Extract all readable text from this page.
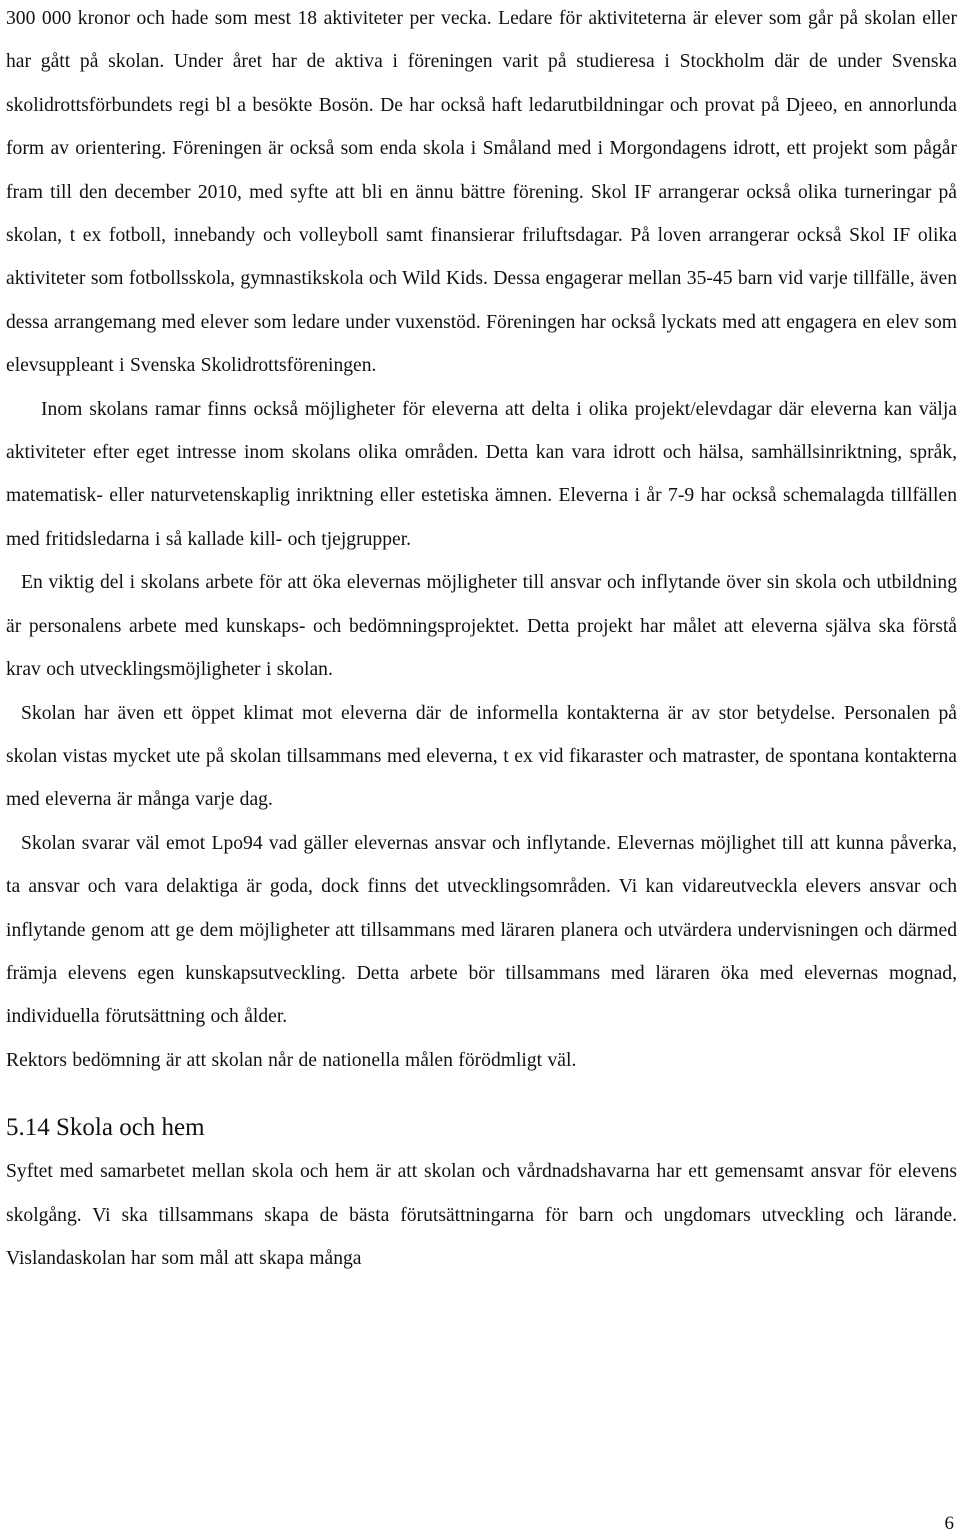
300 000 kronor och hade som mest 18 aktiviteter per vecka. Ledare för aktiviteterna är elever som går på skolan eller har gått på skolan. Under året har de aktiva i föreningen varit på studieresa i Stockholm där de under Svenska skolidrottsförbundets regi bl a besökte Bosön. De har också haft ledarutbildningar och provat på Djeeo, en annorlunda form av orientering. Föreningen är också som enda skola i Småland med i Morgondagens idrott, ett projekt som pågår fram till den december 2010, med syfte att bli en ännu bättre förening. Skol IF arrangerar också olika turneringar på skolan, t ex fotboll, innebandy och volleyboll samt finansierar friluftsdagar. På loven arrangerar också Skol IF olika aktiviteter som fotbollsskola, gymnastikskola och Wild Kids. Dessa engagerar mellan 35-45 barn vid varje tillfälle, även dessa arrangemang med elever som ledare under vuxenstöd. Föreningen har också lyckats med att engagera en elev som elevsuppleant i Svenska Skolidrottsföreningen.

Inom skolans ramar finns också möjligheter för eleverna att delta i olika projekt/elevdagar där eleverna kan välja aktiviteter efter eget intresse inom skolans olika områden. Detta kan vara idrott och hälsa, samhällsinriktning, språk, matematisk- eller naturvetenskaplig inriktning eller estetiska ämnen. Eleverna i år 7-9 har också schemalagda tillfällen med fritidsledarna i så kallade kill- och tjejgrupper.

En viktig del i skolans arbete för att öka elevernas möjligheter till ansvar och inflytande över sin skola och utbildning är personalens arbete med kunskaps- och bedömningsprojektet. Detta projekt har målet att eleverna själva ska förstå krav och utvecklingsmöjligheter i skolan.

Skolan har även ett öppet klimat mot eleverna där de informella kontakterna är av stor betydelse. Personalen på skolan vistas mycket ute på skolan tillsammans med eleverna, t ex vid fikaraster och matraster, de spontana kontakterna med eleverna är många varje dag.

Skolan svarar väl emot Lpo94 vad gäller elevernas ansvar och inflytande. Elevernas möjlighet till att kunna påverka, ta ansvar och vara delaktiga är goda, dock finns det utvecklingsområden. Vi kan vidareutveckla elevers ansvar och inflytande genom att ge dem möjligheter att tillsammans med läraren planera och utvärdera undervisningen och därmed främja elevens egen kunskapsutveckling. Detta arbete bör tillsammans med läraren öka med elevernas mognad, individuella förutsättning och ålder.

Rektors bedömning är att skolan når de nationella målen förödmligt väl.

5.14 Skola och hem

Syftet med samarbetet mellan skola och hem är att skolan och vårdnadshavarna har ett gemensamt ansvar för elevens skolgång. Vi ska tillsammans skapa de bästa förutsättningarna för barn och ungdomars utveckling och lärande. Vislandaskolan har som mål att skapa många

6
